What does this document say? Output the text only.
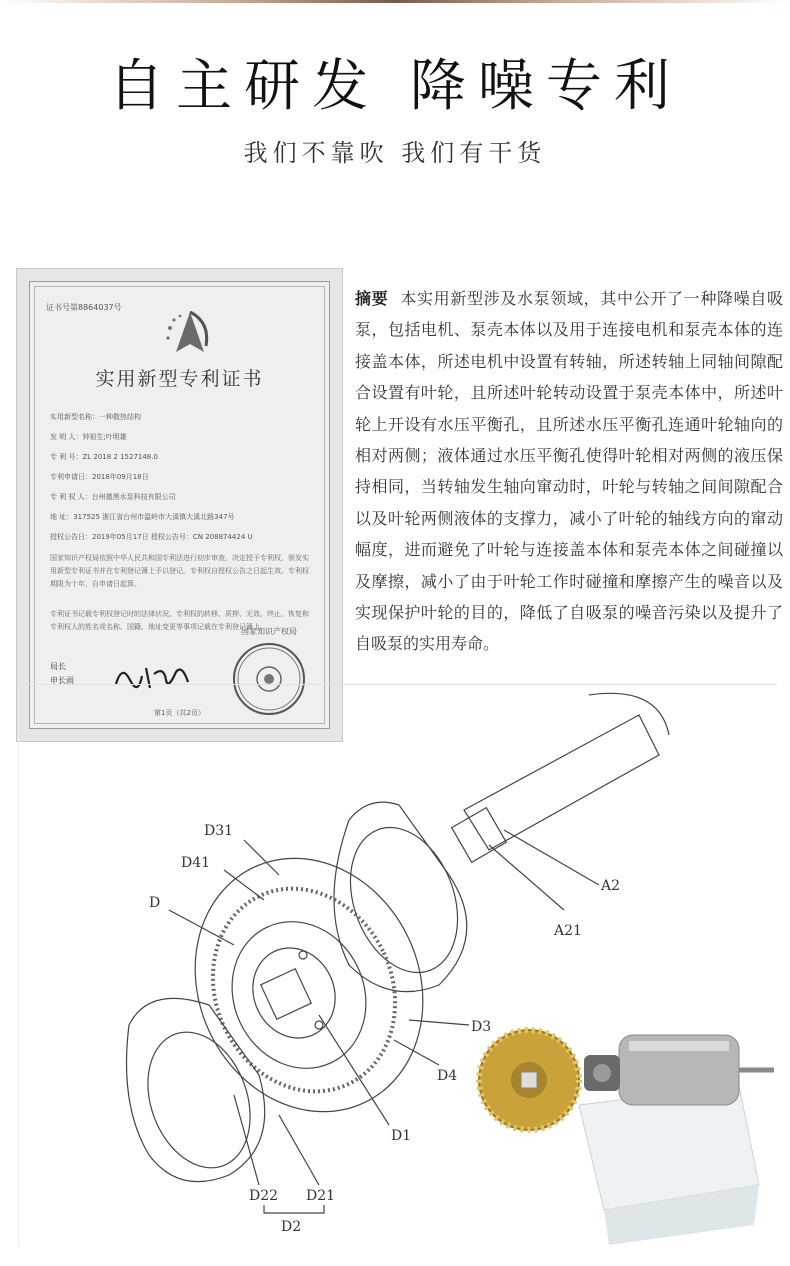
自主研发 降噪专利
我们不靠吹 我们有干货
证书号第8864037号
实用新型专利证书
实用新型名称：一种散热结构
发 明 人：钟祖生;叶明雄
专 利 号：ZL 2018 2 1527148.0
专利申请日：2018年09月18日
专 利 权 人：台州德黑水泵科技有限公司
地 址：317525 浙江省台州市温岭市大溪镇大溪北路347号
授权公告日：2019年05月17日 授权公告号：CN 208874424 U
国家知识产权局依照中华人民共和国专利法进行初步审查，决定授予专利权，颁发实用新型专利证书并在专利登记簿上予以登记。专利权自授权公告之日起生效。专利权期限为十年，自申请日起算。
专利证书记载专利权登记时的法律状况。专利权的转移、质押、无效、终止、恢复和专利权人的姓名或名称、国籍、地址变更等事项记载在专利登记簿上。
局长
申长雨
国家知识产权局
第1页（共2页）
摘要 本实用新型涉及水泵领域，其中公开了一种降噪自吸泵，包括电机、泵壳本体以及用于连接电机和泵壳本体的连接盖本体，所述电机中设置有转轴，所述转轴上同轴间隙配合设置有叶轮，且所述叶轮转动设置于泵壳本体中，所述叶轮上开设有水压平衡孔，且所述水压平衡孔连通叶轮轴向的相对两侧；液体通过水压平衡孔使得叶轮相对两侧的液压保持相同，当转轴发生轴向窜动时，叶轮与转轴之间间隙配合以及叶轮两侧液体的支撑力，减小了叶轮的轴线方向的窜动幅度，进而避免了叶轮与连接盖本体和泵壳本体之间碰撞以及摩擦，减小了由于叶轮工作时碰撞和摩擦产生的噪音以及实现保护叶轮的目的，降低了自吸泵的噪音污染以及提升了自吸泵的实用寿命。
D31
D41
D
A2
A21
D3
D4
D1
D22 D21
D2
